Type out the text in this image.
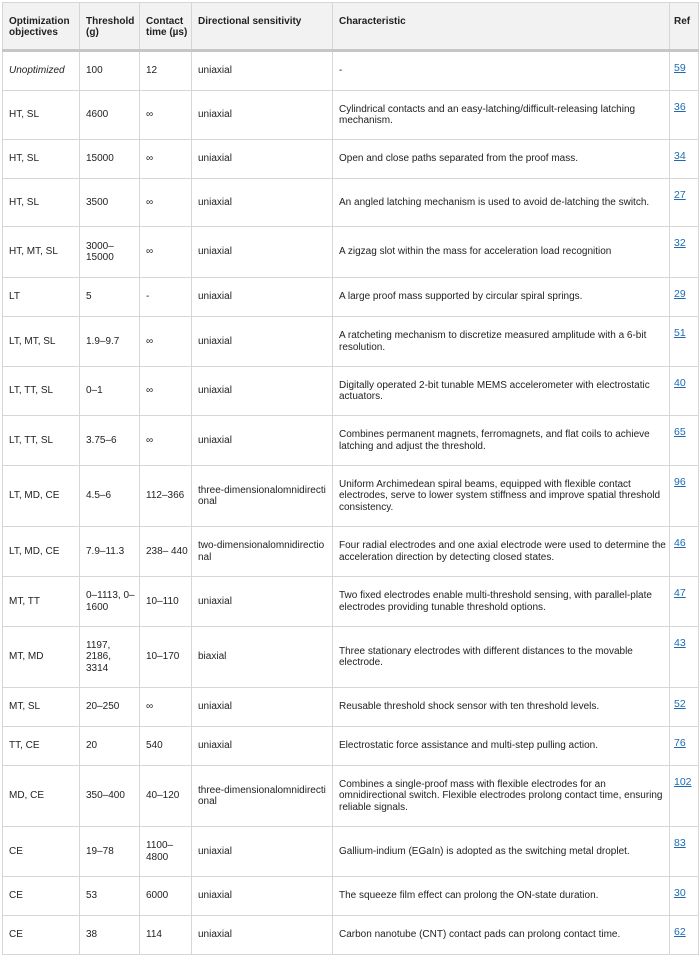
Optimization objectives	Threshold (g)	Contact time (µs)	Directional sensitivity	Characteristic	Ref
Unoptimized	100	12	uniaxial	-	59
HT, SL	4600	∞	uniaxial	Cylindrical contacts and an easy-latching/difficult-releasing latching mechanism.	36
HT, SL	15000	∞	uniaxial	Open and close paths separated from the proof mass.	34
HT, SL	3500	∞	uniaxial	An angled latching mechanism is used to avoid de-latching the switch.	27
HT, MT, SL	3000– 15000	∞	uniaxial	A zigzag slot within the mass for acceleration load recognition	32
LT	5	-	uniaxial	A large proof mass supported by circular spiral springs.	29
LT, MT, SL	1.9–9.7	∞	uniaxial	A ratcheting mechanism to discretize measured amplitude with a 6-bit resolution.	51
LT, TT, SL	0–1	∞	uniaxial	Digitally operated 2-bit tunable MEMS accelerometer with electrostatic actuators.	40
LT, TT, SL	3.75–6	∞	uniaxial	Combines permanent magnets, ferromagnets, and flat coils to achieve latching and adjust the threshold.	65
LT, MD, CE	4.5–6	112–366	three-dimensionalomnidirectional	Uniform Archimedean spiral beams, equipped with flexible contact electrodes, serve to lower system stiffness and improve spatial threshold consistency.	96
LT, MD, CE	7.9–11.3	238– 440	two-dimensionalomnidirectional	Four radial electrodes and one axial electrode were used to determine the acceleration direction by detecting closed states.	46
MT, TT	0–1113, 0– 1600	10–110	uniaxial	Two fixed electrodes enable multi-threshold sensing, with parallel-plate electrodes providing tunable threshold options.	47
MT, MD	1197, 2186, 3314	10–170	biaxial	Three stationary electrodes with different distances to the movable electrode.	43
MT, SL	20–250	∞	uniaxial	Reusable threshold shock sensor with ten threshold levels.	52
TT, CE	20	540	uniaxial	Electrostatic force assistance and multi-step pulling action.	76
MD, CE	350–400	40–120	three-dimensionalomnidirectional	Combines a single-proof mass with flexible electrodes for an omnidirectional switch. Flexible electrodes prolong contact time, ensuring reliable signals.	102
CE	19–78	1100– 4800	uniaxial	Gallium-indium (EGaIn) is adopted as the switching metal droplet.	83
CE	53	6000	uniaxial	The squeeze film effect can prolong the ON-state duration.	30
CE	38	114	uniaxial	Carbon nanotube (CNT) contact pads can prolong contact time.	62
